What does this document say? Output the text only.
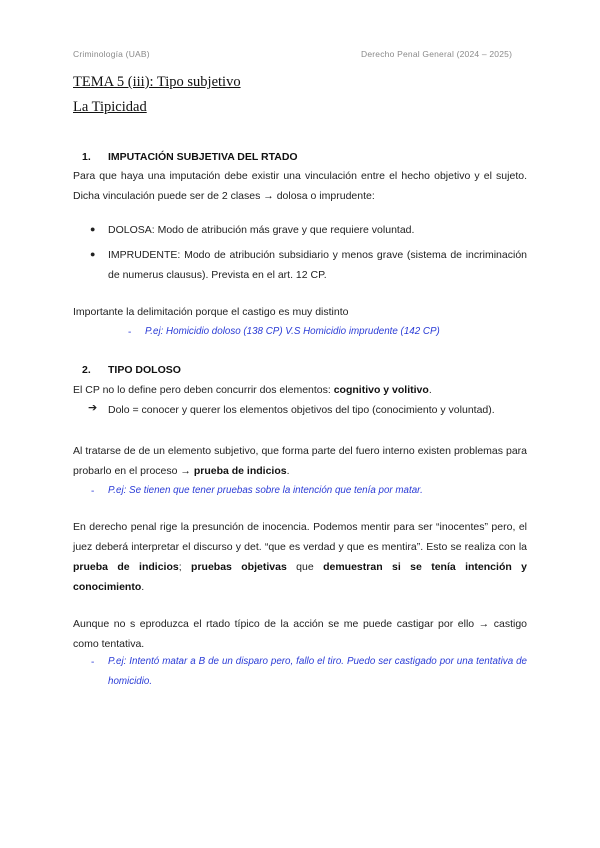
Criminología (UAB)	Derecho Penal General (2024 – 2025)
TEMA 5 (iii): Tipo subjetivo
La Tipicidad
1. IMPUTACIÓN SUBJETIVA DEL RTADO
Para que haya una imputación debe existir una vinculación entre el hecho objetivo y el sujeto. Dicha vinculación puede ser de 2 clases → dolosa o imprudente:
● DOLOSA: Modo de atribución más grave y que requiere voluntad.
● IMPRUDENTE: Modo de atribución subsidiario y menos grave (sistema de incriminación de numerus clausus). Prevista en el art. 12 CP.
Importante la delimitación porque el castigo es muy distinto
- P.ej: Homicidio doloso (138 CP) V.S Homicidio imprudente (142 CP)
2. TIPO DOLOSO
El CP no lo define pero deben concurrir dos elementos: cognitivo y volitivo.
➔ Dolo = conocer y querer los elementos objetivos del tipo (conocimiento y voluntad).
Al tratarse de de un elemento subjetivo, que forma parte del fuero interno existen problemas para probarlo en el proceso → prueba de indicios.
- P.ej: Se tienen que tener pruebas sobre la intención que tenía por matar.
En derecho penal rige la presunción de inocencia. Podemos mentir para ser “inocentes” pero, el juez deberá interpretar el discurso y det. “que es verdad y que es mentira”. Esto se realiza con la prueba de indicios; pruebas objetivas que demuestran si se tenía intención y conocimiento.
Aunque no s eproduzca el rtado típico de la acción se me puede castigar por ello → castigo como tentativa.
- P.ej: Intentó matar a B de un disparo pero, fallo el tiro. Puedo ser castigado por una tentativa de homicidio.
